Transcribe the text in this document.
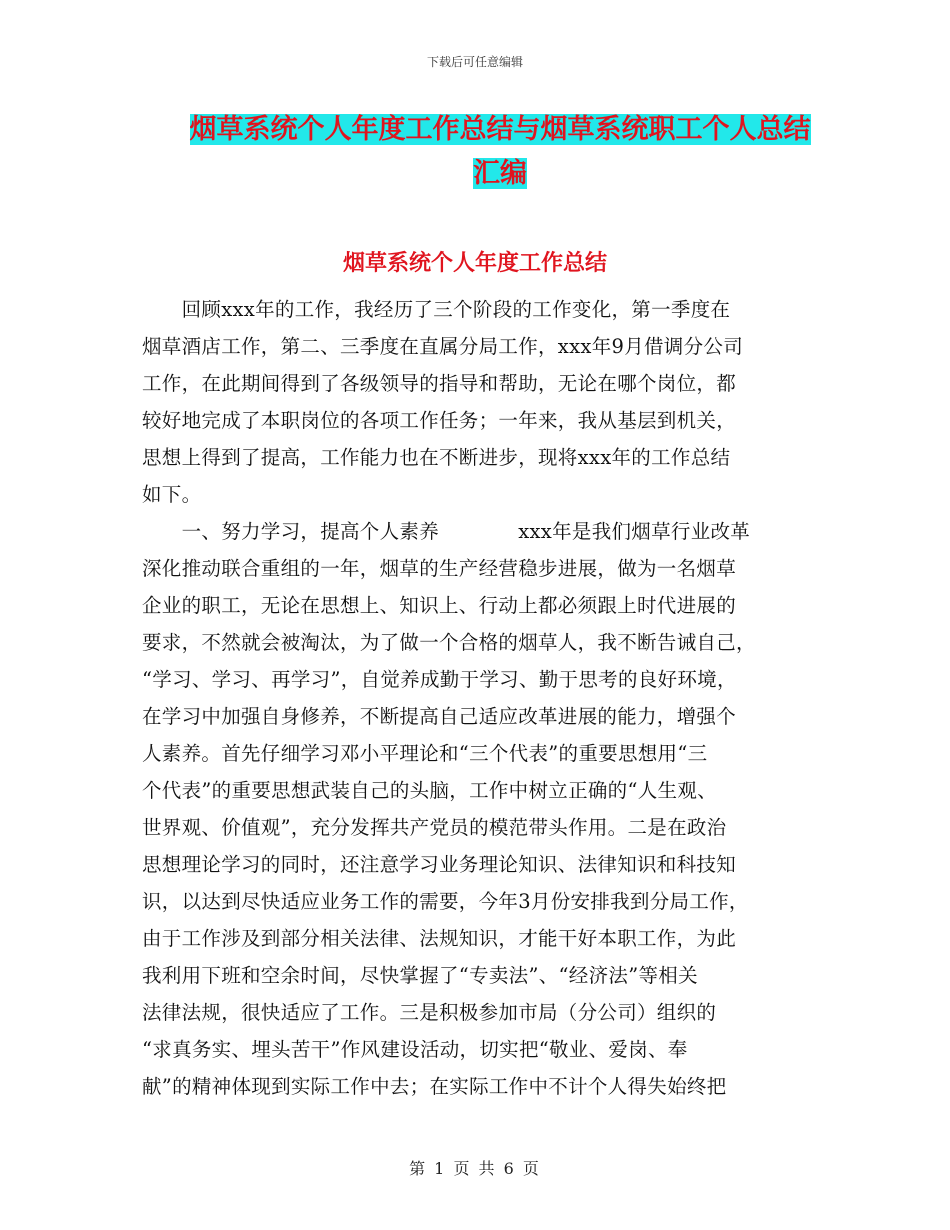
下载后可任意编辑
烟草系统个人年度工作总结与烟草系统职工个人总结
汇编
烟草系统个人年度工作总结
　　回顾xxx年的工作，我经历了三个阶段的工作变化，第一季度在
烟草酒店工作，第二、三季度在直属分局工作，xxx年9月借调分公司
工作，在此期间得到了各级领导的指导和帮助，无论在哪个岗位，都
较好地完成了本职岗位的各项工作任务；一年来，我从基层到机关，
思想上得到了提高，工作能力也在不断进步，现将xxx年的工作总结
如下。
　　一、努力学习，提高个人素养　　　　xxx年是我们烟草行业改革
深化推动联合重组的一年，烟草的生产经营稳步进展，做为一名烟草
企业的职工，无论在思想上、知识上、行动上都必须跟上时代进展的
要求，不然就会被淘汰，为了做一个合格的烟草人，我不断告诫自己，
“学习、学习、再学习”，自觉养成勤于学习、勤于思考的良好环境，
在学习中加强自身修养，不断提高自己适应改革进展的能力，增强个
人素养。首先仔细学习邓小平理论和“三个代表”的重要思想用“三
个代表”的重要思想武装自己的头脑，工作中树立正确的“人生观、
世界观、价值观”，充分发挥共产党员的模范带头作用。二是在政治
思想理论学习的同时，还注意学习业务理论知识、法律知识和科技知
识，以达到尽快适应业务工作的需要，今年3月份安排我到分局工作，
由于工作涉及到部分相关法律、法规知识，才能干好本职工作，为此
我利用下班和空余时间，尽快掌握了“专卖法”、“经济法”等相关
法律法规，很快适应了工作。三是积极参加市局（分公司）组织的
“求真务实、埋头苦干”作风建设活动，切实把“敬业、爱岗、奉
献”的精神体现到实际工作中去；在实际工作中不计个人得失始终把
第 1 页 共 6 页
